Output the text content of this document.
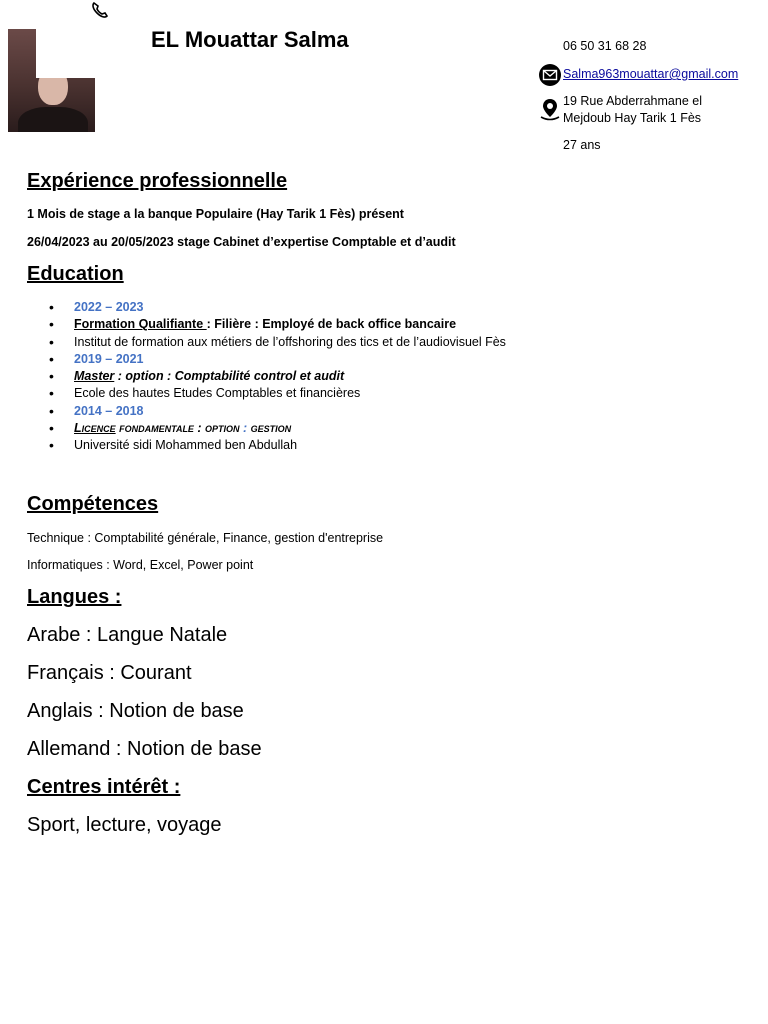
EL Mouattar Salma	06 50 31 68 28
Salma963mouattar@gmail.com
19 Rue Abderrahmane el
Mejdoub Hay Tarik 1 Fès
27 ans
Expérience professionnelle
1 Mois de stage a la banque Populaire (Hay Tarik 1 Fès) présent
26/04/2023 au 20/05/2023 stage Cabinet d’expertise Comptable et d’audit
Education
• 2022 – 2023
• Formation Qualifiante : Filière : Employé de back office bancaire
• Institut de formation aux métiers de l’offshoring des tics et de l’audiovisuel Fès
• 2019 – 2021
• Master : option : Comptabilité control et audit
• Ecole des hautes Etudes Comptables et financières
• 2014 – 2018
• Licence fondamentale : option : gestion
• Université sidi Mohammed ben Abdullah
Compétences
Technique : Comptabilité générale, Finance, gestion d'entreprise
Informatiques : Word, Excel, Power point
Langues :
Arabe : Langue Natale
Français : Courant
Anglais : Notion de base
Allemand : Notion de base
Centres intérêt :
Sport, lecture, voyage
